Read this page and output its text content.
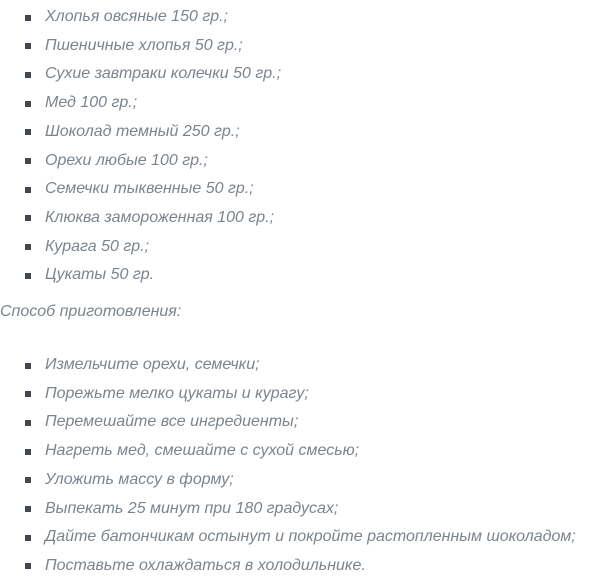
Хлопья овсяные 150 гр.;
Пшеничные хлопья 50 гр.;
Сухие завтраки колечки 50 гр.;
Мед 100 гр.;
Шоколад темный 250 гр.;
Орехи любые 100 гр.;
Семечки тыквенные 50 гр.;
Клюква замороженная 100 гр.;
Курага 50 гр.;
Цукаты 50 гр.

Способ приготовления:

Измельчите орехи, семечки;
Порежьте мелко цукаты и курагу;
Перемешайте все ингредиенты;
Нагреть мед, смешайте с сухой смесью;
Уложить массу в форму;
Выпекать 25 минут при 180 градусах;
Дайте батончикам остынут и покройте растопленным шоколадом;
Поставьте охлаждаться в холодильнике.
